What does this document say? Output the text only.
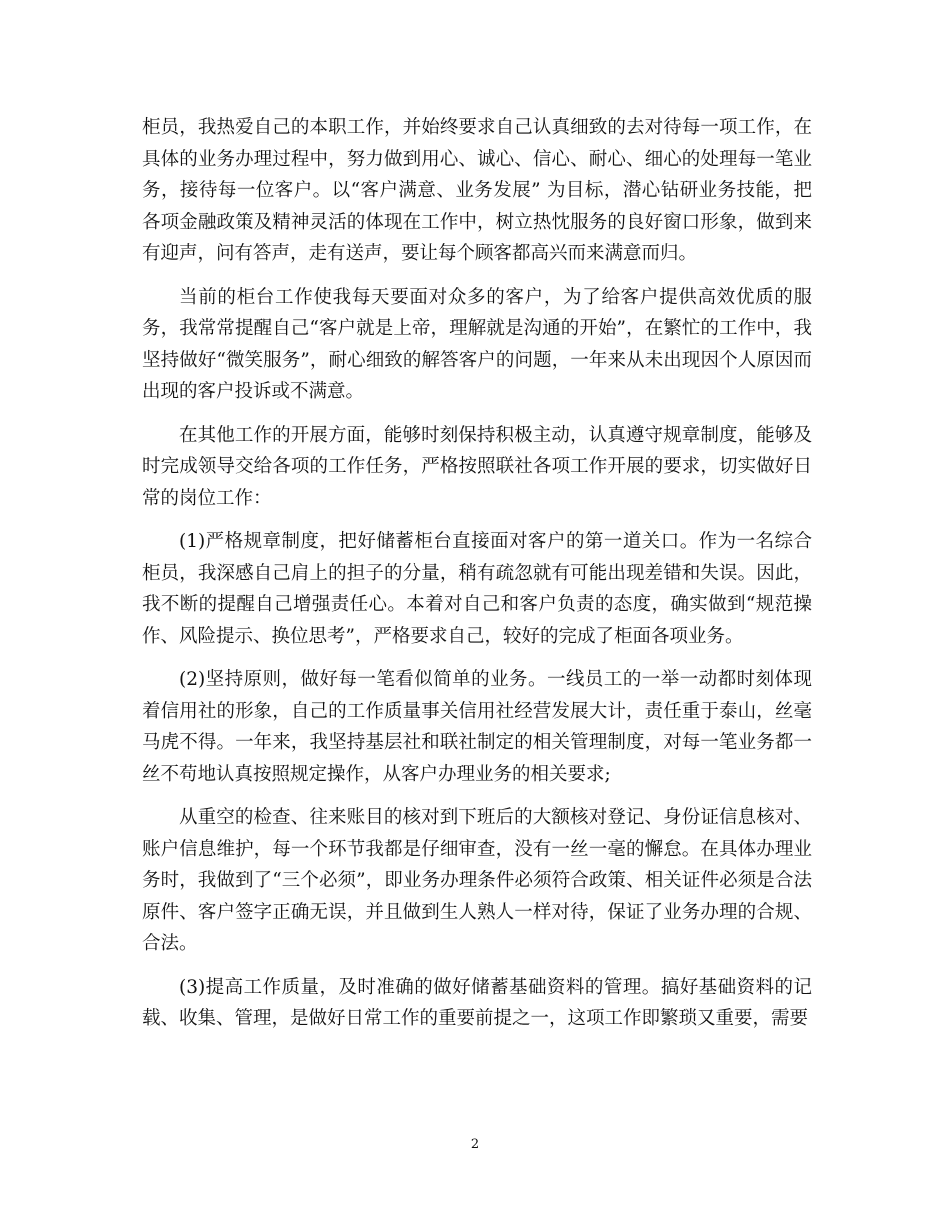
柜员，我热爱自己的本职工作，并始终要求自己认真细致的去对待每一项工作，在具体的业务办理过程中，努力做到用心、诚心、信心、耐心、细心的处理每一笔业务，接待每一位客户。以“客户满意、业务发展” 为目标，潜心钻研业务技能，把各项金融政策及精神灵活的体现在工作中，树立热忱服务的良好窗口形象，做到来有迎声，问有答声，走有送声，要让每个顾客都高兴而来满意而归。

当前的柜台工作使我每天要面对众多的客户，为了给客户提供高效优质的服务，我常常提醒自己“客户就是上帝，理解就是沟通的开始”，在繁忙的工作中，我坚持做好“微笑服务”，耐心细致的解答客户的问题，一年来从未出现因个人原因而出现的客户投诉或不满意。

在其他工作的开展方面，能够时刻保持积极主动，认真遵守规章制度，能够及时完成领导交给各项的工作任务，严格按照联社各项工作开展的要求，切实做好日常的岗位工作：

(1)严格规章制度，把好储蓄柜台直接面对客户的第一道关口。作为一名综合柜员，我深感自己肩上的担子的分量，稍有疏忽就有可能出现差错和失误。因此，我不断的提醒自己增强责任心。本着对自己和客户负责的态度，确实做到“规范操作、风险提示、换位思考”，严格要求自己，较好的完成了柜面各项业务。

(2)坚持原则，做好每一笔看似简单的业务。一线员工的一举一动都时刻体现着信用社的形象，自己的工作质量事关信用社经营发展大计，责任重于泰山，丝毫马虎不得。一年来，我坚持基层社和联社制定的相关管理制度，对每一笔业务都一丝不苟地认真按照规定操作，从客户办理业务的相关要求;

从重空的检查、往来账目的核对到下班后的大额核对登记、身份证信息核对、账户信息维护，每一个环节我都是仔细审查，没有一丝一毫的懈怠。在具体办理业务时，我做到了“三个必须”，即业务办理条件必须符合政策、相关证件必须是合法原件、客户签字正确无误，并且做到生人熟人一样对待，保证了业务办理的合规、合法。

(3)提高工作质量，及时准确的做好储蓄基础资料的管理。搞好基础资料的记载、收集、管理，是做好日常工作的重要前提之一，这项工作即繁琐又重要，需要

2
